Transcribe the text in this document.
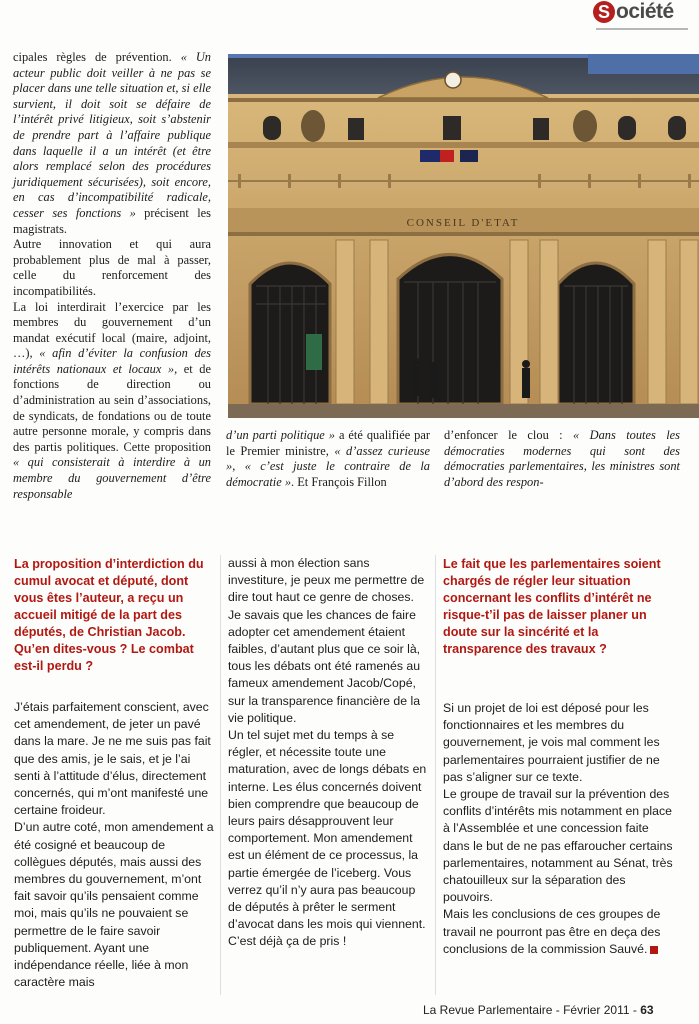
S ociété

cipales règles de prévention. « Un acteur public doit veiller à ne pas se placer dans une telle situation et, si elle survient, il doit soit se défaire de l’intérêt privé litigieux, soit s’abstenir de prendre part à l’affaire publique dans laquelle il a un intérêt (et être alors remplacé selon des procédures juridiquement sécurisées), soit encore, en cas d’incompatibilité radicale, cesser ses fonctions » précisent les magistrats.

Autre innovation et qui aura probablement plus de mal à passer, celle du renforcement des incompatibilités.

La loi interdirait l’exercice par les membres du gouvernement d’un mandat exécutif local (maire, adjoint, …), « afin d’éviter la confusion des intérêts nationaux et locaux », et de fonctions de direction ou d’administration au sein d’associations, de syndicats, de fondations ou de toute autre personne morale, y compris dans des partis politiques. Cette proposition « qui consisterait à interdire à un membre du gouvernement d’être responsable

CONSEIL D'ETAT

d’un parti politique » a été qualifiée par le Premier ministre, « d’assez curieuse », « c’est juste le contraire de la démocratie ». Et François Fillon

d’enfoncer le clou : « Dans toutes les démocraties modernes qui sont des démocraties parlementaires, les ministres sont d’abord des respon-

La proposition d’interdiction du cumul avocat et député, dont vous êtes l’auteur, a reçu un accueil mitigé de la part des députés, de Christian Jacob. Qu’en dites-vous ? Le combat est-il perdu ?

J’étais parfaitement conscient, avec cet amendement, de jeter un pavé dans la mare. Je ne me suis pas fait que des amis, je le sais, et je l’ai senti à l’attitude d’élus, directement concernés, qui m’ont manifesté une certaine froideur.

D’un autre coté, mon amendement a été cosigné et beaucoup de collègues députés, mais aussi des membres du gouvernement, m’ont fait savoir qu’ils pensaient comme moi, mais qu’ils ne pouvaient se permettre de le faire savoir publiquement. Ayant une indépendance réelle, liée à mon caractère mais

aussi à mon élection sans investiture, je peux me permettre de dire tout haut ce genre de choses.

Je savais que les chances de faire adopter cet amendement étaient faibles, d’autant plus que ce soir là, tous les débats ont été ramenés au fameux amendement Jacob/Copé, sur la transparence financière de la vie politique.

Un tel sujet met du temps à se régler, et nécessite toute une maturation, avec de longs débats en interne. Les élus concernés doivent bien comprendre que beaucoup de leurs pairs désapprouvent leur comportement. Mon amendement est un élément de ce processus, la partie émergée de l’iceberg. Vous verrez qu’il n’y aura pas beaucoup de députés à prêter le serment d’avocat dans les mois qui viennent. C’est déjà ça de pris !

Le fait que les parlementaires soient chargés de régler leur situation concernant les conflits d’intérêt ne risque-t’il pas de laisser planer un doute sur la sincérité et la transparence des travaux ?

Si un projet de loi est déposé pour les fonctionnaires et les membres du gouvernement, je vois mal comment les parlementaires pourraient justifier de ne pas s’aligner sur ce texte.

Le groupe de travail sur la prévention des conflits d’intérêts mis notamment en place à l’Assemblée et une concession faite dans le but de ne pas effaroucher certains parlementaires, notamment au Sénat, très chatouilleux sur la séparation des pouvoirs.

Mais les conclusions de ces groupes de travail ne pourront pas être en deça des conclusions de la commission Sauvé.

La Revue Parlementaire - Février 2011 - 63
